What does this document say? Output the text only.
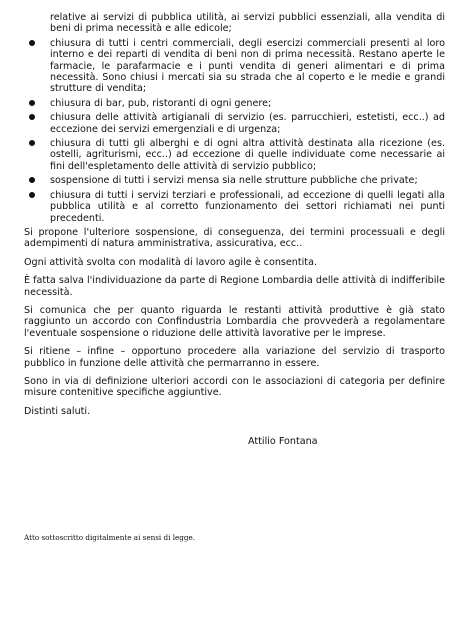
relative ai servizi di pubblica utilità, ai servizi pubblici essenziali, alla vendita di beni di prima necessità e alle edicole;
chiusura di tutti i centri commerciali, degli esercizi commerciali presenti al loro interno e dei reparti di vendita di beni non di prima necessità. Restano aperte le farmacie, le parafarmacie e i punti vendita di generi alimentari e di prima necessità. Sono chiusi i mercati sia su strada che al coperto e le medie e grandi strutture di vendita;
chiusura di bar, pub, ristoranti di ogni genere;
chiusura delle attività artigianali di servizio (es. parrucchieri, estetisti, ecc..) ad eccezione dei servizi emergenziali e di urgenza;
chiusura di tutti gli alberghi e di ogni altra attività destinata alla ricezione (es. ostelli, agriturismi, ecc..) ad eccezione di quelle individuate come necessarie ai fini dell'espletamento delle attività di servizio pubblico;
sospensione di tutti i servizi mensa sia nelle strutture pubbliche che private;
chiusura di tutti i servizi terziari e professionali, ad eccezione di quelli legati alla pubblica utilità e al corretto funzionamento dei settori richiamati nei punti precedenti.

Si propone l'ulteriore sospensione, di conseguenza, dei termini processuali e degli adempimenti di natura amministrativa, assicurativa, ecc..

Ogni attività svolta con modalità di lavoro agile è consentita.

È fatta salva l'individuazione da parte di Regione Lombardia delle attività di indifferibile necessità.

Si comunica che per quanto riguarda le restanti attività produttive è già stato raggiunto un accordo con Confindustria Lombardia che provvederà a regolamentare l'eventuale sospensione o riduzione delle attività lavorative per le imprese.

Si ritiene – infine – opportuno procedere alla variazione del servizio di trasporto pubblico in funzione delle attività che permarranno in essere.

Sono in via di definizione ulteriori accordi con le associazioni di categoria per definire misure contenitive specifiche aggiuntive.

Distinti saluti.

Attilio Fontana
Atto sottoscritto digitalmente ai sensi di legge.
